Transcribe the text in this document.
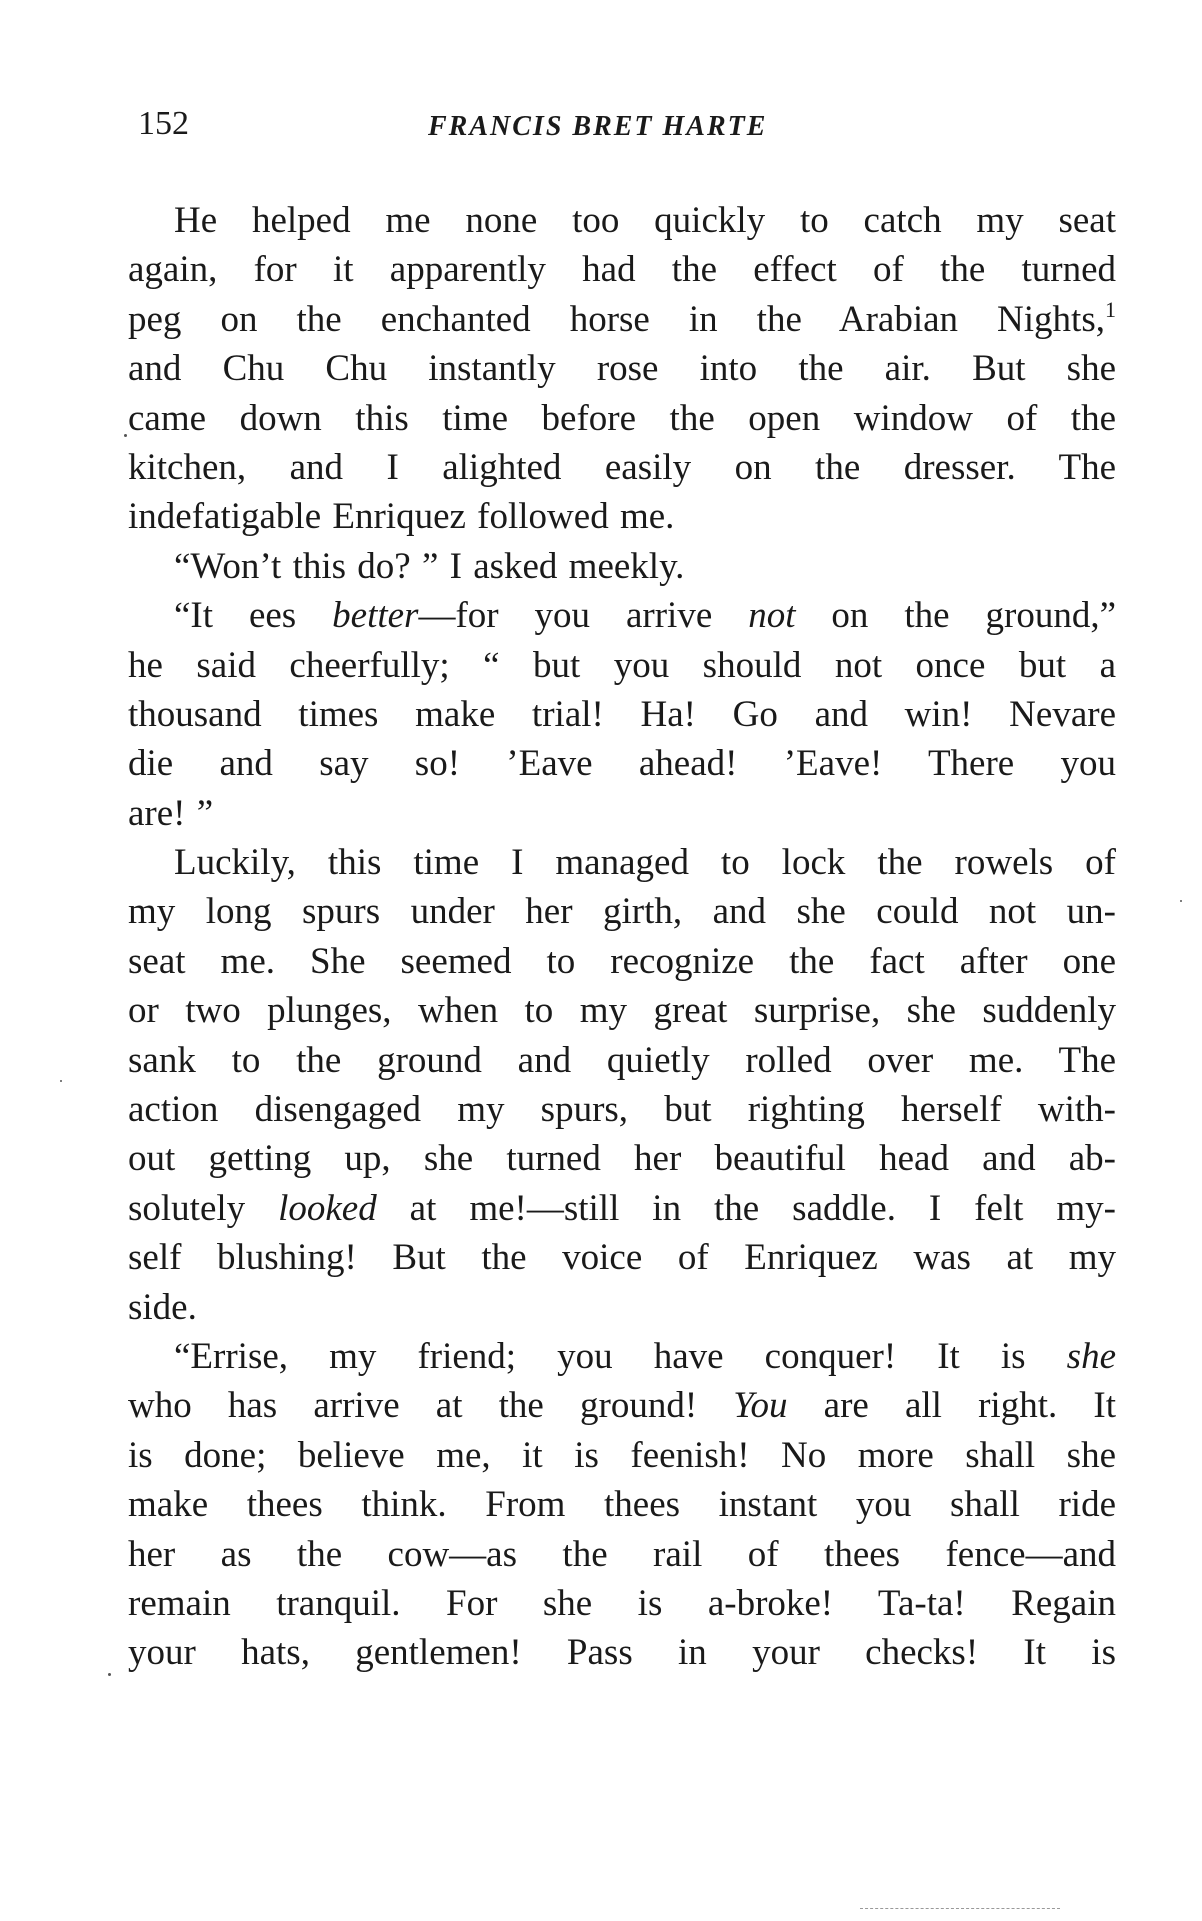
152	FRANCIS BRET HARTE
He helped me none too quickly to catch my seat
again, for it apparently had the effect of the turned
peg on the enchanted horse in the Arabian Nights,$^1$
and Chu Chu instantly rose into the air. But she
came down this time before the open window of the
kitchen, and I alighted easily on the dresser. The
indefatigable Enriquez followed me.
“Won’t this do? ” I asked meekly.
“It ees better—for you arrive not on the ground,”
he said cheerfully; “ but you should not once but a
thousand times make trial! Ha! Go and win! Nevare
die and say so! ’Eave ahead! ’Eave! There you
are! ”
Luckily, this time I managed to lock the rowels of
my long spurs under her girth, and she could not un-
seat me. She seemed to recognize the fact after one
or two plunges, when to my great surprise, she suddenly
sank to the ground and quietly rolled over me. The
action disengaged my spurs, but righting herself with-
out getting up, she turned her beautiful head and ab-
solutely looked at me!—still in the saddle. I felt my-
self blushing! But the voice of Enriquez was at my
side.
“Errise, my friend; you have conquer! It is she
who has arrive at the ground! You are all right. It
is done; believe me, it is feenish! No more shall she
make thees think. From thees instant you shall ride
her as the cow—as the rail of thees fence—and
remain tranquil. For she is a-broke! Ta-ta! Regain
your hats, gentlemen! Pass in your checks! It is
